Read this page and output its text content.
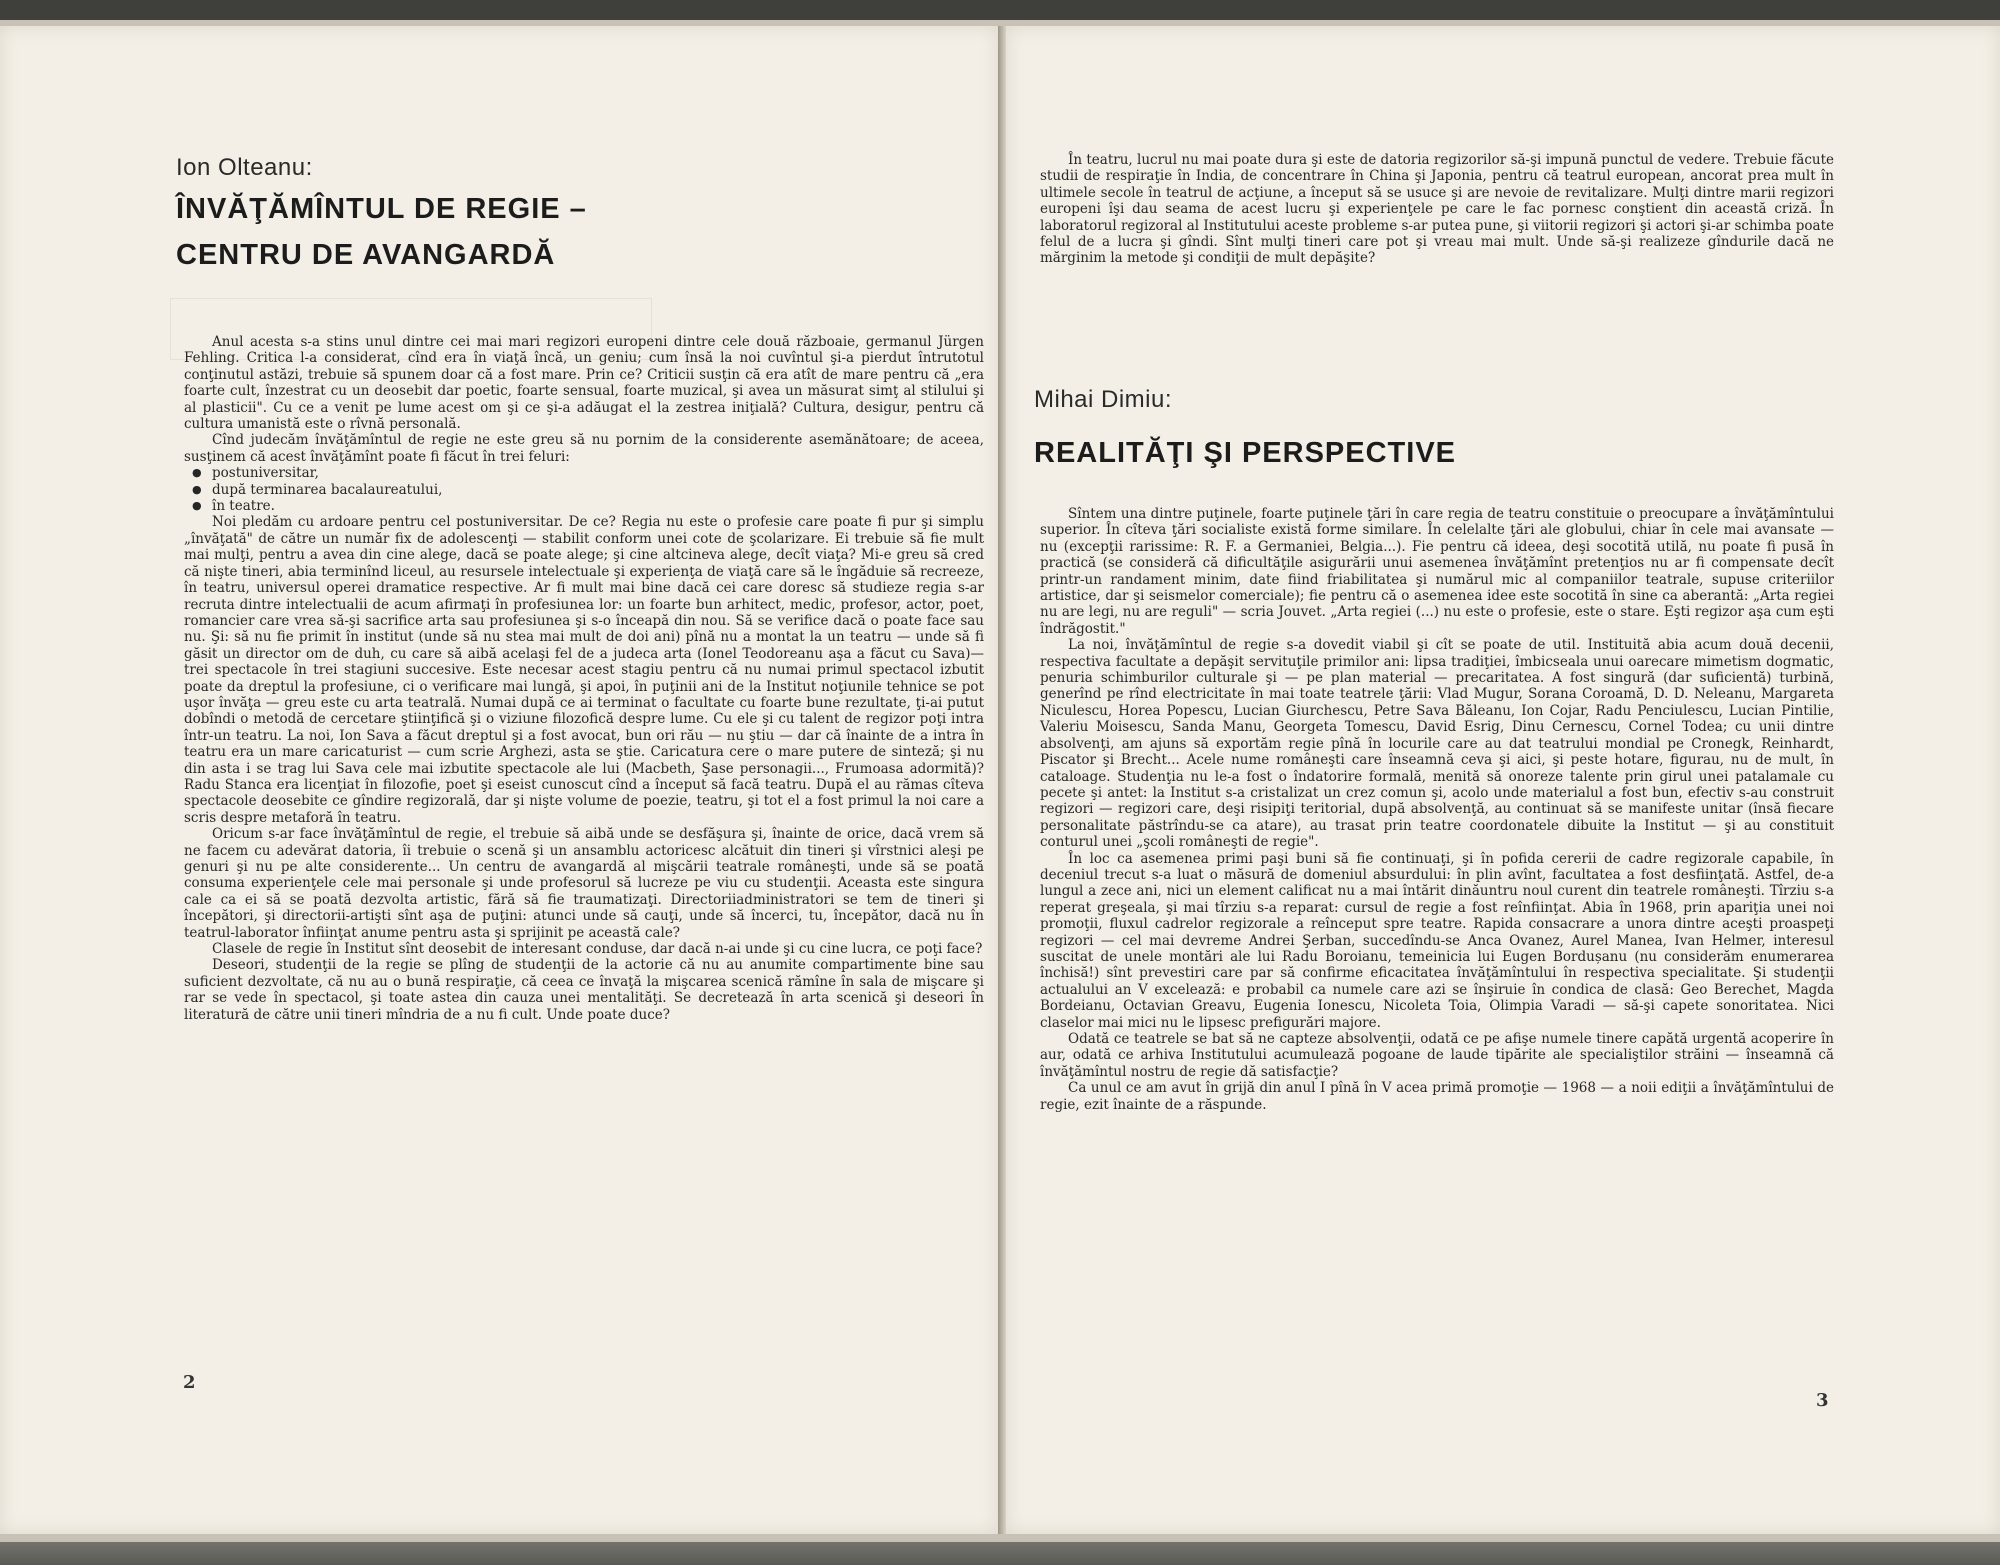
Ion Olteanu:
ÎNVĂŢĂMÎNTUL DE REGIE –
CENTRU DE AVANGARDĂ

Anul acesta s-a stins unul dintre cei mai mari regizori europeni dintre cele două războaie, germanul Jürgen Fehling. Critica l-a considerat, cînd era în viaţă încă, un geniu; cum însă la noi cuvîntul şi-a pierdut întrutotul conţinutul astăzi, trebuie să spunem doar că a fost mare. Prin ce? Criticii susţin că era atît de mare pentru că „era foarte cult, înzestrat cu un deosebit dar poetic, foarte sensual, foarte muzical, şi avea un măsurat simţ al stilului şi al plasticii". Cu ce a venit pe lume acest om şi ce şi-a adăugat el la zestrea iniţială? Cultura, desigur, pentru că cultura umanistă este o rîvnă personală.

Cînd judecăm învăţămîntul de regie ne este greu să nu pornim de la considerente asemănătoare; de aceea, susţinem că acest învăţămînt poate fi făcut în trei feluri:

● postuniversitar,
● după terminarea bacalaureatului,
● în teatre.

Noi pledăm cu ardoare pentru cel postuniversitar. De ce? Regia nu este o profesie care poate fi pur şi simplu „învăţată" de către un număr fix de adolescenţi — stabilit conform unei cote de şcolarizare. Ei trebuie să fie mult mai mulţi, pentru a avea din cine alege, dacă se poate alege; şi cine altcineva alege, decît viaţa? Mi-e greu să cred că nişte tineri, abia terminînd liceul, au resursele intelectuale şi experienţa de viaţă care să le îngăduie să recreeze, în teatru, universul operei dramatice respective. Ar fi mult mai bine dacă cei care doresc să studieze regia s-ar recruta dintre intelectualii de acum afirmaţi în profesiunea lor: un foarte bun arhitect, medic, profesor, actor, poet, romancier care vrea să-şi sacrifice arta sau profesiunea şi s-o înceapă din nou. Să se verifice dacă o poate face sau nu. Şi: să nu fie primit în institut (unde să nu stea mai mult de doi ani) pînă nu a montat la un teatru — unde să fi găsit un director om de duh, cu care să aibă acelaşi fel de a judeca arta (Ionel Teodoreanu aşa a făcut cu Sava)— trei spectacole în trei stagiuni succesive. Este necesar acest stagiu pentru că nu numai primul spectacol izbutit poate da dreptul la profesiune, ci o verificare mai lungă, şi apoi, în puţinii ani de la Institut noţiunile tehnice se pot uşor învăţa — greu este cu arta teatrală. Numai după ce ai terminat o facultate cu foarte bune rezultate, ţi-ai putut dobîndi o metodă de cercetare ştiinţifică şi o viziune filozofică despre lume. Cu ele şi cu talent de regizor poţi intra într-un teatru. La noi, Ion Sava a făcut dreptul şi a fost avocat, bun ori rău — nu ştiu — dar că înainte de a intra în teatru era un mare caricaturist — cum scrie Arghezi, asta se ştie. Caricatura cere o mare putere de sinteză; şi nu din asta i se trag lui Sava cele mai izbutite spectacole ale lui (Macbeth, Şase personagii..., Frumoasa adormită)? Radu Stanca era licenţiat în filozofie, poet şi eseist cunoscut cînd a început să facă teatru. După el au rămas cîteva spectacole deosebite ce gîndire regizorală, dar şi nişte volume de poezie, teatru, şi tot el a fost primul la noi care a scris despre metaforă în teatru.

Oricum s-ar face învăţămîntul de regie, el trebuie să aibă unde se desfăşura şi, înainte de orice, dacă vrem să ne facem cu adevărat datoria, îi trebuie o scenă şi un ansamblu actoricesc alcătuit din tineri şi vîrstnici aleşi pe genuri şi nu pe alte considerente... Un centru de avangardă al mişcării teatrale româneşti, unde să se poată consuma experienţele cele mai personale şi unde profesorul să lucreze pe viu cu studenţii. Aceasta este singura cale ca ei să se poată dezvolta artistic, fără să fie traumatizaţi. Directoriiadministratori se tem de tineri şi începători, şi directorii-artişti sînt aşa de puţini: atunci unde să cauţi, unde să încerci, tu, începător, dacă nu în teatrul-laborator înfiinţat anume pentru asta şi sprijinit pe această cale?

Clasele de regie în Institut sînt deosebit de interesant conduse, dar dacă n-ai unde şi cu cine lucra, ce poţi face?

Deseori, studenţii de la regie se plîng de studenţii de la actorie că nu au anumite compartimente bine sau suficient dezvoltate, că nu au o bună respiraţie, că ceea ce învaţă la mişcarea scenică rămîne în sala de mişcare şi rar se vede în spectacol, şi toate astea din cauza unei mentalităţi. Se decretează în arta scenică şi deseori în literatură de către unii tineri mîndria de a nu fi cult. Unde poate duce?

2

În teatru, lucrul nu mai poate dura şi este de datoria regizorilor să-şi impună punctul de vedere. Trebuie făcute studii de respiraţie în India, de concentrare în China şi Japonia, pentru că teatrul european, ancorat prea mult în ultimele secole în teatrul de acţiune, a început să se usuce şi are nevoie de revitalizare. Mulţi dintre marii regizori europeni îşi dau seama de acest lucru şi experienţele pe care le fac pornesc conştient din această criză. În laboratorul regizoral al Institutului aceste probleme s-ar putea pune, şi viitorii regizori şi actori şi-ar schimba poate felul de a lucra şi gîndi. Sînt mulţi tineri care pot şi vreau mai mult. Unde să-şi realizeze gîndurile dacă ne mărginim la metode şi condiţii de mult depăşite?

Mihai Dimiu:
REALITĂŢI ŞI PERSPECTIVE

Sîntem una dintre puţinele, foarte puţinele ţări în care regia de teatru constituie o preocupare a învăţămîntului superior. În cîteva ţări socialiste există forme similare. În celelalte ţări ale globului, chiar în cele mai avansate — nu (excepţii rarissime: R. F. a Germaniei, Belgia...). Fie pentru că ideea, deşi socotită utilă, nu poate fi pusă în practică (se consideră că dificultăţile asigurării unui asemenea învăţămînt pretenţios nu ar fi compensate decît printr-un randament minim, date fiind friabilitatea şi numărul mic al companiilor teatrale, supuse criteriilor artistice, dar şi seismelor comerciale); fie pentru că o asemenea idee este socotită în sine ca aberantă: „Arta regiei nu are legi, nu are reguli" — scria Jouvet. „Arta regiei (...) nu este o profesie, este o stare. Eşti regizor aşa cum eşti îndrăgostit."

La noi, învăţămîntul de regie s-a dovedit viabil şi cît se poate de util. Instituită abia acum două decenii, respectiva facultate a depăşit servituţile primilor ani: lipsa tradiţiei, îmbicseala unui oarecare mimetism dogmatic, penuria schimburilor culturale şi — pe plan material — precaritatea. A fost singură (dar suficientă) turbină, generînd pe rînd electricitate în mai toate teatrele ţării: Vlad Mugur, Sorana Coroamă, D. D. Neleanu, Margareta Niculescu, Horea Popescu, Lucian Giurchescu, Petre Sava Băleanu, Ion Cojar, Radu Penciulescu, Lucian Pintilie, Valeriu Moisescu, Sanda Manu, Georgeta Tomescu, David Esrig, Dinu Cernescu, Cornel Todea; cu unii dintre absolvenţi, am ajuns să exportăm regie pînă în locurile care au dat teatrului mondial pe Cronegk, Reinhardt, Piscator şi Brecht... Acele nume româneşti care înseamnă ceva şi aici, şi peste hotare, figurau, nu de mult, în cataloage. Studenţia nu le-a fost o îndatorire formală, menită să onoreze talente prin girul unei patalamale cu pecete şi antet: la Institut s-a cristalizat un crez comun şi, acolo unde materialul a fost bun, efectiv s-au construit regizori — regizori care, deşi risipiţi teritorial, după absolvenţă, au continuat să se manifeste unitar (însă fiecare personalitate păstrîndu-se ca atare), au trasat prin teatre coordonatele dibuite la Institut — şi au constituit conturul unei „şcoli româneşti de regie".

În loc ca asemenea primi paşi buni să fie continuaţi, şi în pofida cererii de cadre regizorale capabile, în deceniul trecut s-a luat o măsură de domeniul absurdului: în plin avînt, facultatea a fost desfiinţată. Astfel, de-a lungul a zece ani, nici un element calificat nu a mai întărit dinăuntru noul curent din teatrele româneşti. Tîrziu s-a reperat greşeala, şi mai tîrziu s-a reparat: cursul de regie a fost reînfiinţat. Abia în 1968, prin apariţia unei noi promoţii, fluxul cadrelor regizorale a reînceput spre teatre. Rapida consacrare a unora dintre aceşti proaspeţi regizori — cel mai devreme Andrei Şerban, succedîndu-se Anca Ovanez, Aurel Manea, Ivan Helmer, interesul suscitat de unele montări ale lui Radu Boroianu, temeinicia lui Eugen Bordușanu (nu considerăm enumerarea închisă!) sînt prevestiri care par să confirme eficacitatea învăţămîntului în respectiva specialitate. Şi studenţii actualului an V excelează: e probabil ca numele care azi se înşiruie în condica de clasă: Geo Berechet, Magda Bordeianu, Octavian Greavu, Eugenia Ionescu, Nicoleta Toia, Olimpia Varadi — să-şi capete sonoritatea. Nici claselor mai mici nu le lipsesc prefigurări majore.

Odată ce teatrele se bat să ne capteze absolvenţii, odată ce pe afişe numele tinere capătă urgentă acoperire în aur, odată ce arhiva Institutului acumulează pogoane de laude tipărite ale specialiştilor străini — înseamnă că învăţămîntul nostru de regie dă satisfacţie?

Ca unul ce am avut în grijă din anul I pînă în V acea primă promoţie — 1968 — a noii ediţii a învăţămîntului de regie, ezit înainte de a răspunde.

3
